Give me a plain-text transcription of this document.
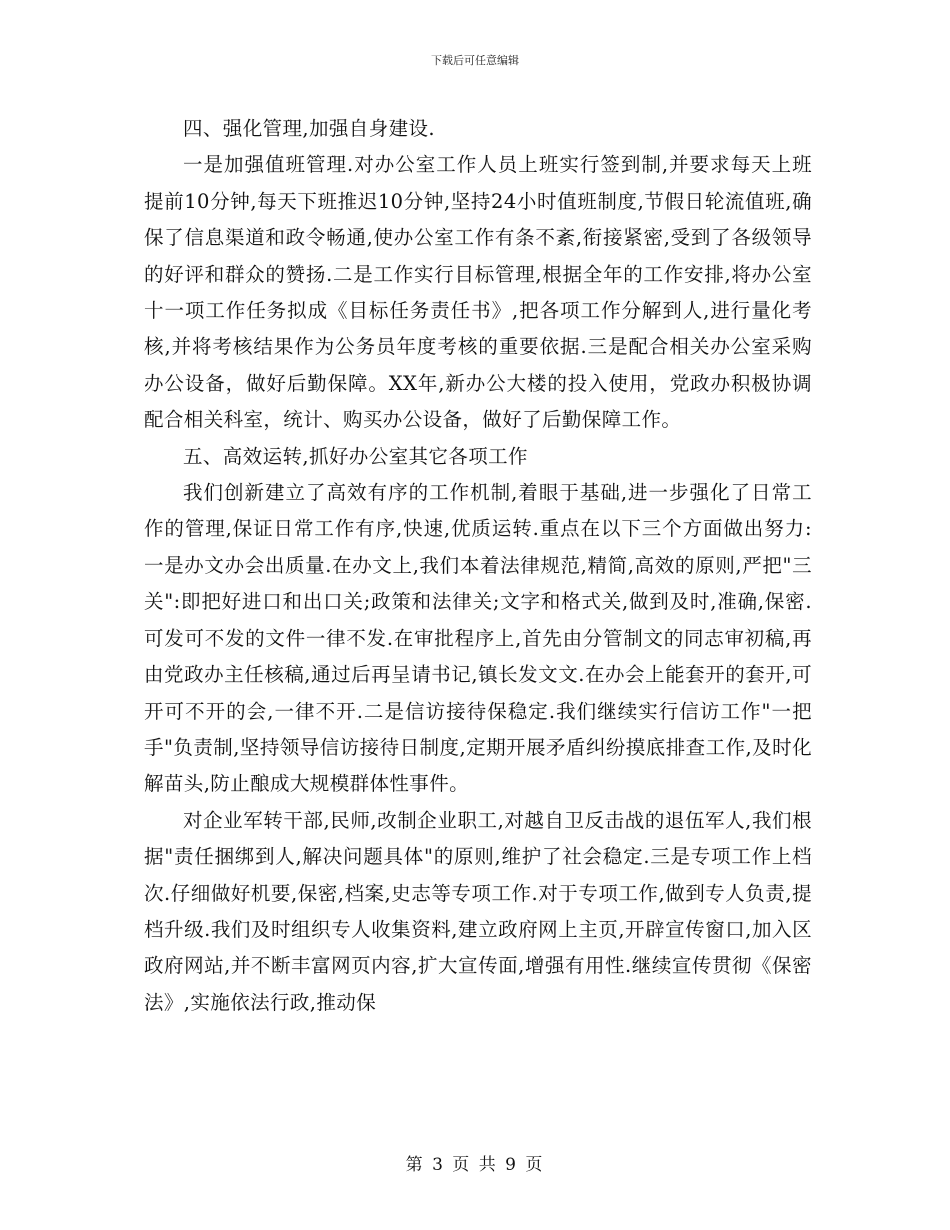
下载后可任意编辑

四、强化管理,加强自身建设.

一是加强值班管理.对办公室工作人员上班实行签到制,并要求每天上班提前10分钟,每天下班推迟10分钟,坚持24小时值班制度,节假日轮流值班,确保了信息渠道和政令畅通,使办公室工作有条不紊,衔接紧密,受到了各级领导的好评和群众的赞扬.二是工作实行目标管理,根据全年的工作安排,将办公室十一项工作任务拟成《目标任务责任书》,把各项工作分解到人,进行量化考核,并将考核结果作为公务员年度考核的重要依据.三是配合相关办公室采购办公设备，做好后勤保障。XX年,新办公大楼的投入使用，党政办积极协调配合相关科室，统计、购买办公设备，做好了后勤保障工作。

五、高效运转,抓好办公室其它各项工作

我们创新建立了高效有序的工作机制,着眼于基础,进一步强化了日常工作的管理,保证日常工作有序,快速,优质运转.重点在以下三个方面做出努力:一是办文办会出质量.在办文上,我们本着法律规范,精简,高效的原则,严把"三关":即把好进口和出口关;政策和法律关;文字和格式关,做到及时,准确,保密.可发可不发的文件一律不发.在审批程序上,首先由分管制文的同志审初稿,再由党政办主任核稿,通过后再呈请书记,镇长发文文.在办会上能套开的套开,可开可不开的会,一律不开.二是信访接待保稳定.我们继续实行信访工作"一把手"负责制,坚持领导信访接待日制度,定期开展矛盾纠纷摸底排查工作,及时化解苗头,防止酿成大规模群体性事件。

对企业军转干部,民师,改制企业职工,对越自卫反击战的退伍军人,我们根据"责任捆绑到人,解决问题具体"的原则,维护了社会稳定.三是专项工作上档次.仔细做好机要,保密,档案,史志等专项工作.对于专项工作,做到专人负责,提档升级.我们及时组织专人收集资料,建立政府网上主页,开辟宣传窗口,加入区政府网站,并不断丰富网页内容,扩大宣传面,增强有用性.继续宣传贯彻《保密法》,实施依法行政,推动保

第 3 页 共 9 页
